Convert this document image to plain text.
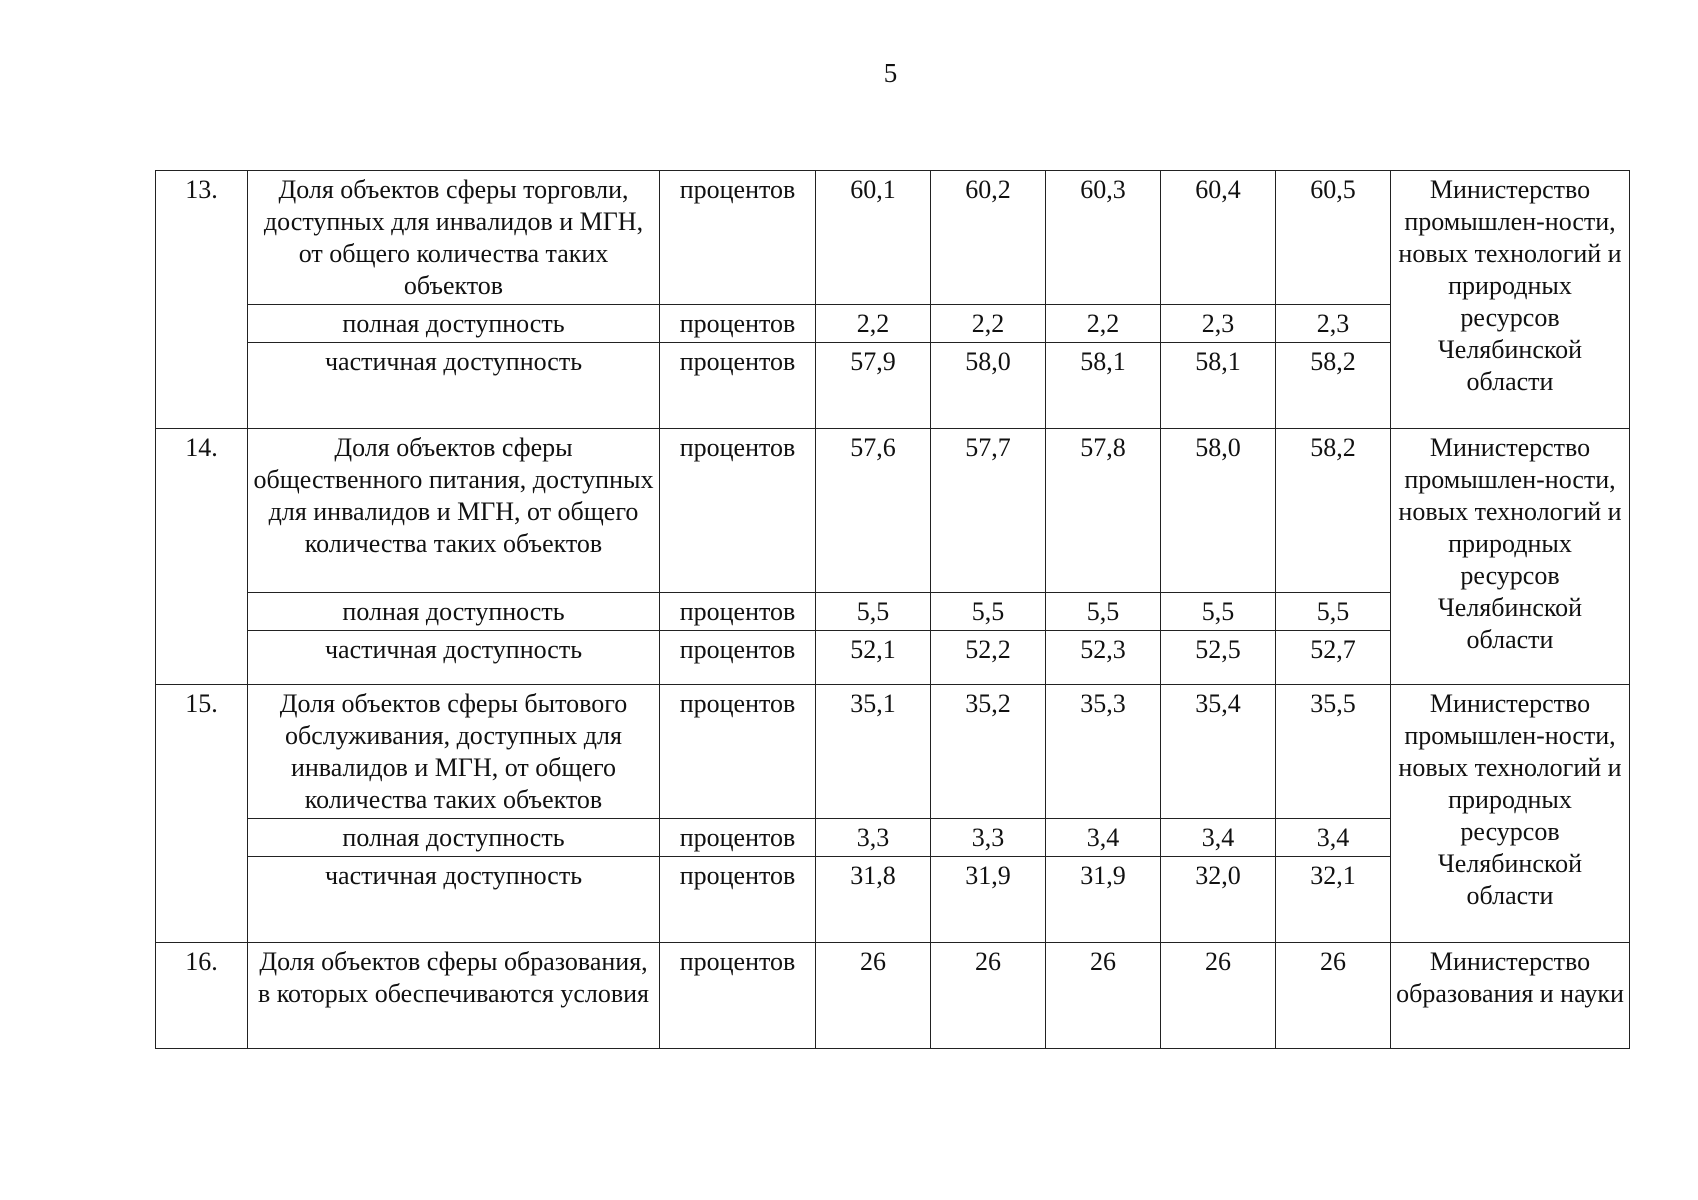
5
13.	Доля объектов сферы торговли, доступных для инвалидов и МГН, от общего количества таких объектов	процентов	60,1	60,2	60,3	60,4	60,5	Министерство промышлен-ности, новых технологий и природных ресурсов Челябинской области
	полная доступность	процентов	2,2	2,2	2,2	2,3	2,3	
	частичная доступность	процентов	57,9	58,0	58,1	58,1	58,2	
14.	Доля объектов сферы общественного питания, доступных для инвалидов и МГН, от общего количества таких объектов	процентов	57,6	57,7	57,8	58,0	58,2	Министерство промышлен-ности, новых технологий и природных ресурсов Челябинской области
	полная доступность	процентов	5,5	5,5	5,5	5,5	5,5	
	частичная доступность	процентов	52,1	52,2	52,3	52,5	52,7	
15.	Доля объектов сферы бытового обслуживания, доступных для инвалидов и МГН, от общего количества таких объектов	процентов	35,1	35,2	35,3	35,4	35,5	Министерство промышлен-ности, новых технологий и природных ресурсов Челябинской области
	полная доступность	процентов	3,3	3,3	3,4	3,4	3,4	
	частичная доступность	процентов	31,8	31,9	31,9	32,0	32,1	
16.	Доля объектов сферы образования, в которых обеспечиваются условия	процентов	26	26	26	26	26	Министерство образования и науки
